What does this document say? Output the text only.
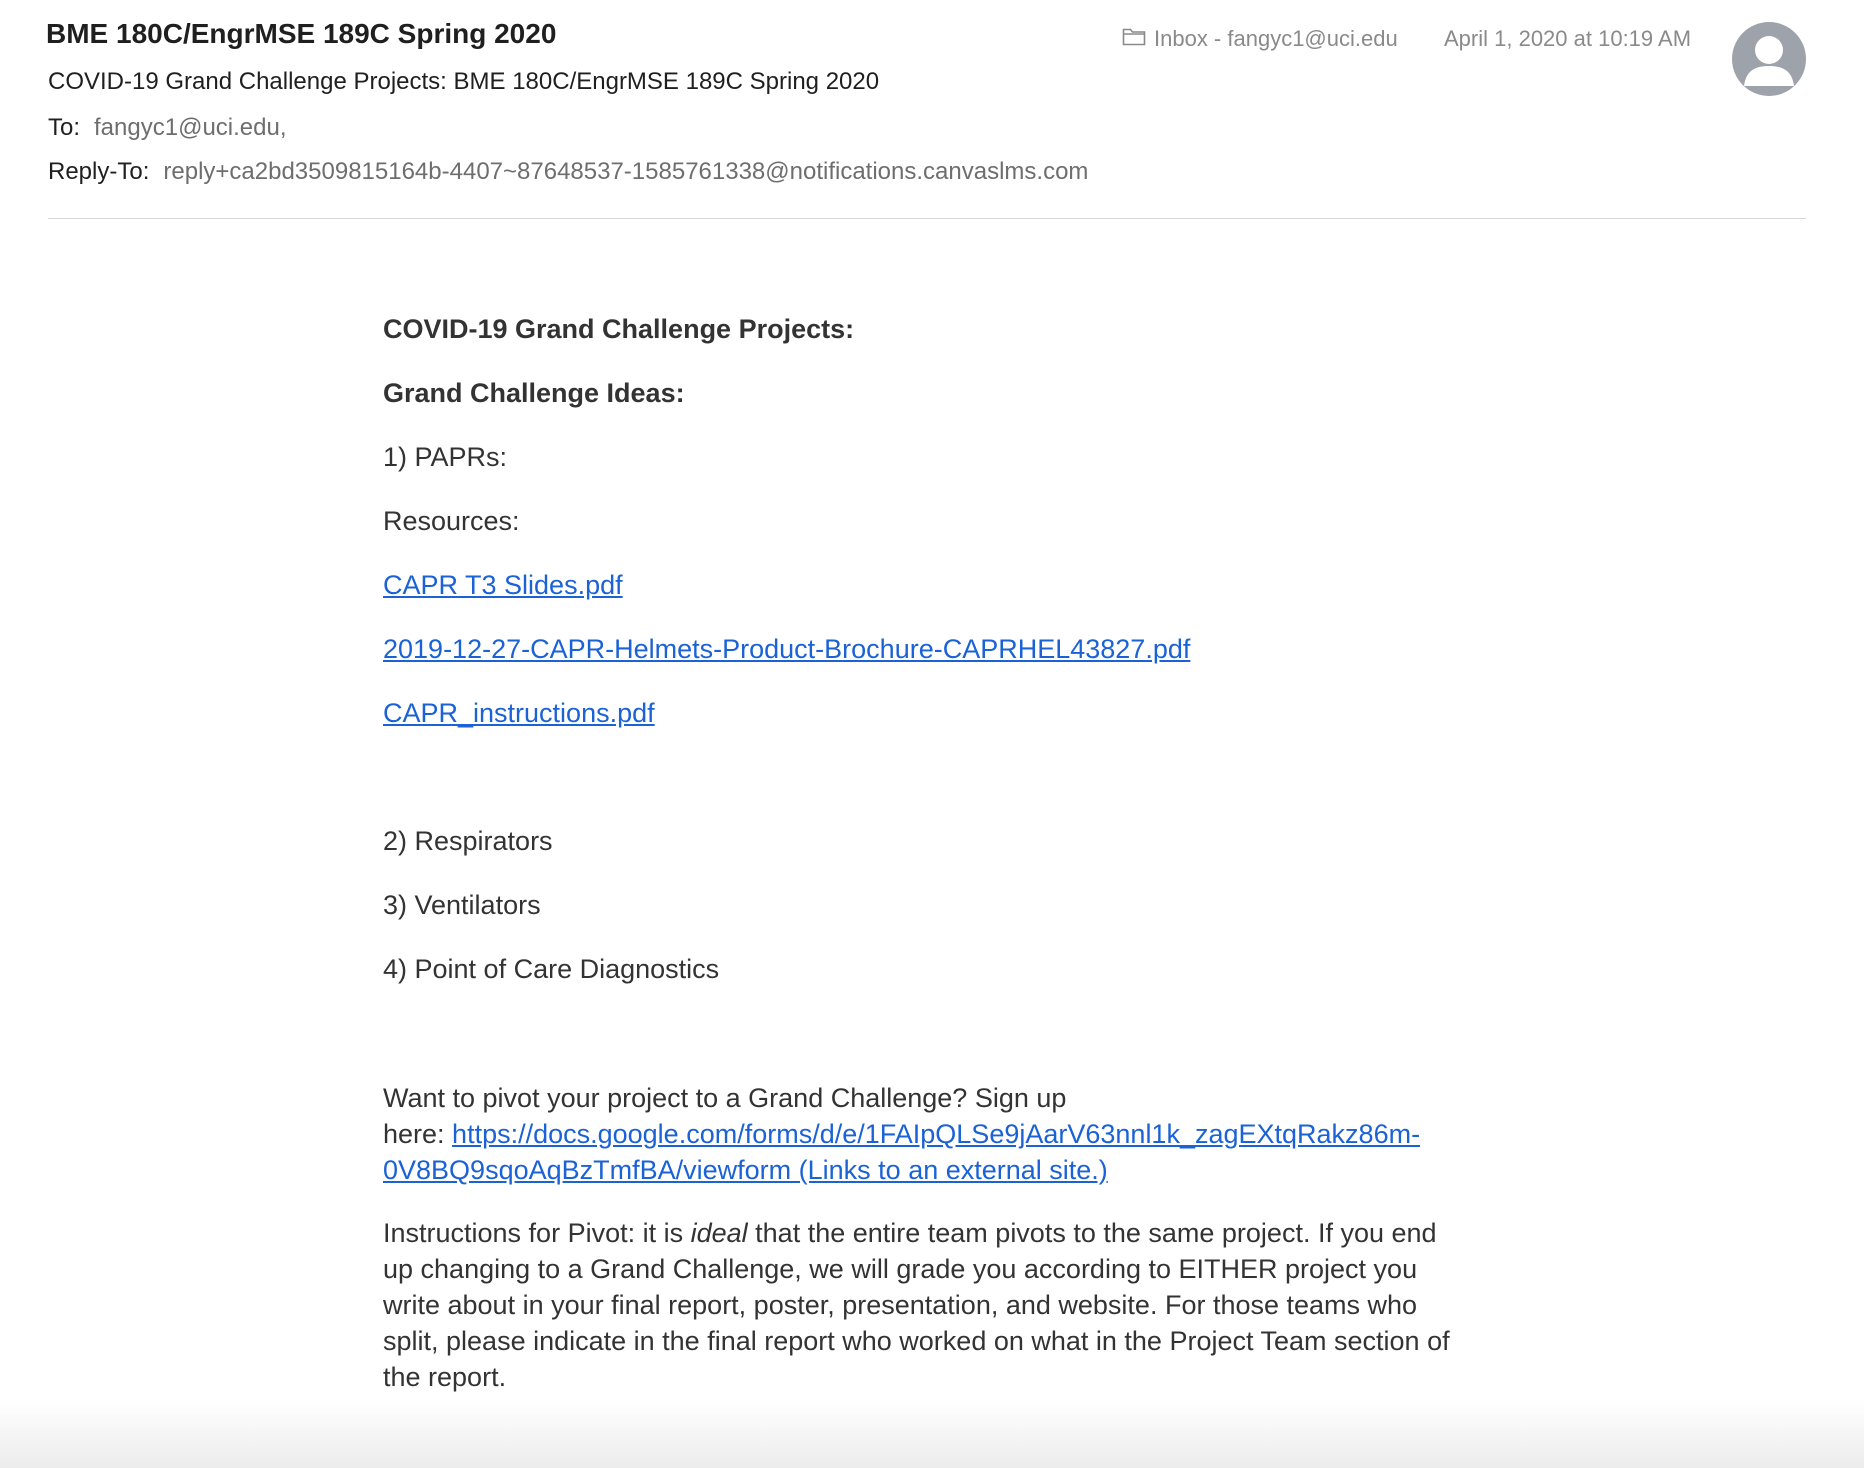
BME 180C/EngrMSE 189C Spring 2020
COVID-19 Grand Challenge Projects: BME 180C/EngrMSE 189C Spring 2020
To: fangyc1@uci.edu,
Reply-To: reply+ca2bd3509815164b-4407~87648537-1585761338@notifications.canvaslms.com
Inbox - fangyc1@uci.edu April 1, 2020 at 10:19 AM
COVID-19 Grand Challenge Projects:
Grand Challenge Ideas:
1) PAPRs:
Resources:
CAPR T3 Slides.pdf
2019-12-27-CAPR-Helmets-Product-Brochure-CAPRHEL43827.pdf
CAPR_instructions.pdf
2) Respirators
3) Ventilators
4) Point of Care Diagnostics
Want to pivot your project to a Grand Challenge? Sign up
here: https://docs.google.com/forms/d/e/1FAIpQLSe9jAarV63nnl1k_zagEXtqRakz86m-
0V8BQ9sqoAqBzTmfBA/viewform (Links to an external site.)
Instructions for Pivot: it is ideal that the entire team pivots to the same project. If you end up changing to a Grand Challenge, we will grade you according to EITHER project you write about in your final report, poster, presentation, and website. For those teams who split, please indicate in the final report who worked on what in the Project Team section of the report.
